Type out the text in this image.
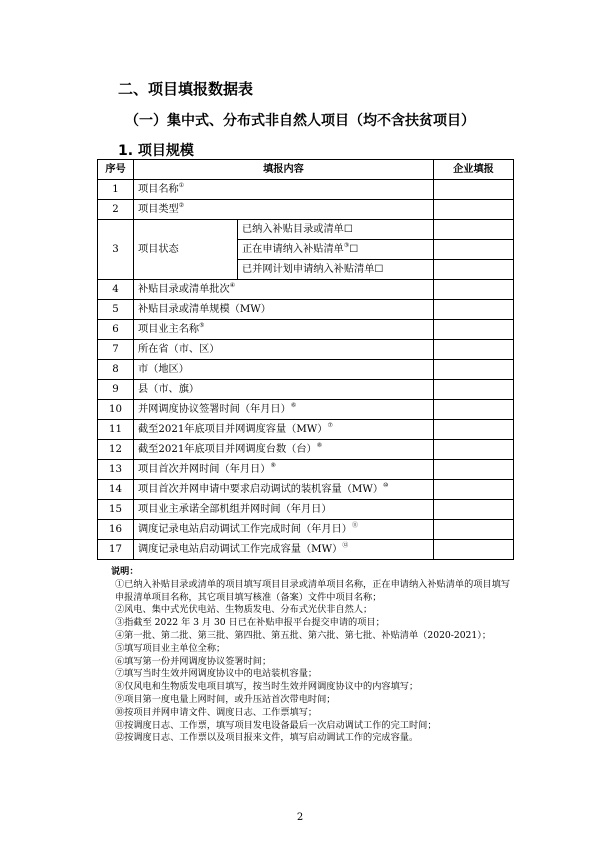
二、项目填报数据表
（一）集中式、分布式非自然人项目（均不含扶贫项目）
1. 项目规模
序号	填报内容		企业填报
1	项目名称①	
2	项目类型②	
3	项目状态	已纳入补贴目录或清单☐	
		正在申请纳入补贴清单③☐	
		已并网计划申请纳入补贴清单☐	
4	补贴目录或清单批次④	
5	补贴目录或清单规模（MW）		
6	项目业主名称⑤	
7	所在省（市、区）		
8	市（地区）		
9	县（市、旗）		
10	并网调度协议签署时间（年月日）⑥	
11	截至2021年底项目并网调度容量（MW）⑦	
12	截至2021年底项目并网调度台数（台）⑧	
13	项目首次并网时间（年月日）⑨	
14	项目首次并网申请中要求启动调试的装机容量（MW）⑩	
15	项目业主承诺全部机组并网时间（年月日）		
16	调度记录电站启动调试工作完成时间（年月日）⑪	
17	调度记录电站启动调试工作完成容量（MW）⑫	
说明：
①已纳入补贴目录或清单的项目填写项目目录或清单项目名称，正在申请纳入补贴清单的项目填写申报清单项目名称，其它项目填写核准（备案）文件中项目名称；
②风电、集中式光伏电站、生物质发电、分布式光伏非自然人；
③指截至 2022 年 3 月 30 日已在补贴申报平台提交申请的项目；
④第一批、第二批、第三批、第四批、第五批、第六批、第七批、补贴清单（2020-2021）；
⑤填写项目业主单位全称；
⑥填写第一份并网调度协议签署时间；
⑦填写当时生效并网调度协议中的电站装机容量；
⑧仅风电和生物质发电项目填写，按当时生效并网调度协议中的内容填写；
⑨项目第一度电量上网时间，或升压站首次带电时间；
⑩按项目并网申请文件、调度日志、工作票填写；
⑪按调度日志、工作票，填写项目发电设备最后一次启动调试工作的完工时间；
⑫按调度日志、工作票以及项目报来文件，填写启动调试工作的完成容量。
2
